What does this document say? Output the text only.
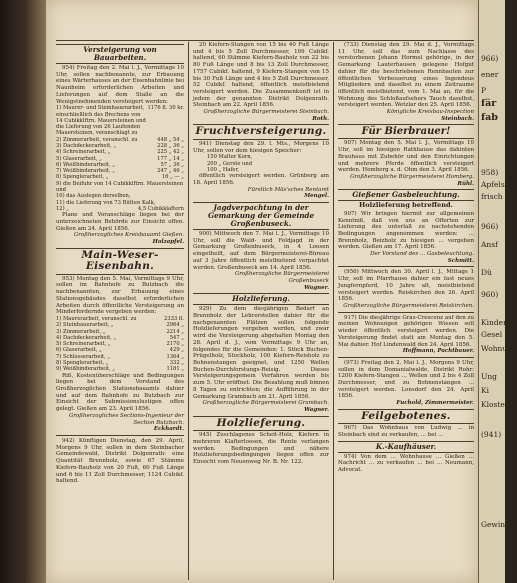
Versteigerung von Bauarbeiten.

954) Freitag den 2. Mai l. J., Vormittags 10 Uhr, sollen nachbenannte, zur Erbauung eines Wärterhauses an der Eisenbahnlinie bei Naunheim erforderlichen Arbeiten und Lieferungen auf dem Stalle an die Wenigstnehmenden versteigert werden:

1) Maurer- und Steinhauerarbeit, einschließlich des Brechens von 14 Cubikklftrn. Mauersteinen und die Lieferung von 26 Laufenden Mauersteinen, veranschlagt zu
1176 fl. 30 kr.
2) Zimmerarbeit, veranschl. zu	448 „ 54 „
3) Dachdeckerarbeit, „	228 „ 36 „
4) Schreinerarbeit, „	225 „ 42 „
5) Glaserarbeit, „	177 „ 14 „
6) Weißbinderarbeit, „	57 „ 36 „
7) Weißbinderarbeit, „	247 „ 46 „
8) Spenglerarbeit, „	16 „ — „
9) die Beifuhr von 14 Cubikklftrn. Mauersteinen und
10) das Auslegen derselben,
11) die Lieferung von 73 Bütten Kalk,
12) „	4,5 Cubikklaftern

Plane und Voranschläge liegen bei der unterzeichneten Behörde zur Einsicht offen. Gießen am 24. April 1856.

Großherzogliches Kreisbauamt Gießen.

Holzapfel.

Main-Weser-Eisenbahn.

953) Montag den 5. Mai, Vormittags 9 Uhr, sollen im Bahnhofe zu Butzbach die nachbenannten, zur Erbauung eines Stationsgebäudes daselbst erforderlichen Arbeiten durch öffentliche Versteigerung an Minderfordernde vergeben werden:

1) Maurerarbeit, veranschl. zu	2333 fl.
2) Steinhauerarbeit, „	2964 „
3) Zimmerarbeit, „	2214 „
4) Dachdeckerarbeit, „	547 „
5) Schreinerarbeit, „	2170 „
6) Glaserarbeit, „	429 „
7) Schlosserarbeit, „	1364 „
8) Spenglerarbeit, „	332 „
9) Weißbinderarbeit, „	1181 „

Riß, Kostenüberschläge und Bedingungen liegen bei dem Vorstand des Großherzoglichen Stationsbauamts dahier und auf dem Bahnhofe zu Butzbach zur Einsicht der Submissionslustigen offen gelegt. Gießen am 23. April 1856.

Großherzogliches Sections-Ingenieur der Section Butzbach.

Eckhardt.

942) Künftigen Dienstag, den 29. April, Morgens 9 Uhr, sollen in dem Steinbacher Gemeindewald, Distrikt Dolgenrath: eine Quantität Brennholz, sowie 67 Stämme Kiefern-Bauholz von 20 Fuß, 60 Fuß Länge und 6 bis 11 Zoll Durchmesser, 1124 Cubikf. haltend.

20 Kiefern-Stangen von 15 bis 40 Fuß Länge und 4 bis 5 Zoll Durchmesser, 109 Cubikf. haltend, 60 Stämme Kiefern-Bauholz von 22 bis 80 Fuß Länge und 8 bis 13 Zoll Durchmesser, 1757 Cubikf. haltend, 9 Kiefern-Stangen von 15 bis 30 Fuß Länge und 4 bis 5 Zoll Durchmesser, 52 Cubikf. haltend, öffentlich meistbietend versteigert werden. Die Zusammenkunft ist in jedem der genannten Distrikt Dolgenrath. Steinbach am 22. April 1856.

Großherzogliche Bürgermeisterei Steinbach.

Roth.

Fruchtversteigerung.

941) Dienstag den 29. l. Mts., Morgens 10 Uhr, sollen vor dem hiesigen Speicher:

150 Malter Korn,
200 „ Gerste und
100 „ Hafer,

öffentlich versteigert werden. Grünberg am 18. April 1856.

Fürstlich Mäs'sches Rentamt

Mengel.

Jagdverpachtung in der Gemarkung der Gemeinde Großenbuseck.

900) Mittwoch den 7. Mai l. J., Vormittags 10 Uhr, soll die Wald- und Feldjagd in der Gemarkung Großenbuseck, in 4 Loosen eingetheilt, auf dem Bürgermeisterei-Büreau auf 3 Jahre öffentlich meistbietend verpachtet werden. Großenbuseck am 14. April 1856.

Großherzogliche Bürgermeisterei Großenbuseck

Wagner.

Holzlieferung.

929) Zu dem diesjährigen Bedarf an Brennholz der Lehrerstellen dahier für die nachgenannten Plätzen sollen folgende Holzlieferungen vergeben werden, und zwar wird die Versteigerung abgehalten Montag den 28. April d. J., vom Vormittags 9 Uhr an, folgendes für die Gemeinden: 1. Stück Buchen-Prügelholz, Stockholz, 100 Kiefern-Reisholz zu Bohnenstangen geeignet, und 1250 Wellen Buchen-Durchforstungs-Reisig. Dieses Versteigerungsgemein Verfahren werden bis zum 5. Uhr eröffnet. Die Bezahlung muß binnen 8 Tagen zu entrichten; die Aufführung in der Gemarkung Grambach am 21. April 1856.

Großherzogliche Bürgermeisterei Grambach.

Wagner.

Holzlieferung.

945) Zuschlagenes Scheit-Holz, Kiefern in mehreren Klafterloosen, die Rente verlangen werden. Bedingungen und nähere Holzlieferungsbedingungen liegen offen zur Einsicht vom Neuenweg Nr. B. Nr. 122.

(733) Dienstag den 29. Mai d. J., Vormittags 11 Uhr, soll das zum Nachlasse des verstorbenen Johann Hormel gehörige, in der Gemarkung Lauterhausen gelegene Hofgut dahier für die beschriebenen Rennbauten zur öffentlichen Verbesserung eines Ingendeus Mitgliedern und daselbst zu einem Zeitraume öffentlich meistbietend, vom 1. Mai an, für die Wohnung des Schloßaufsehers Tauch daselbst, versteigert werden. Wetzlar den 25. April 1856.

Königliche Kreisbau-Inspection

Steinbach.

Für Bierbrauer!

907) Montag den 5. Mai l. J., Vormittags 10 Uhr, soll im hiesigen Rathhause das dahinten Brauhaus mit Zubehör und den Einrichtungen und mehrere Pferde öffentlich versteigert werden. Homberg a. d. Ohm den 3. April 1856.

Großherzogliche Bürgermeisterei Homberg.

Rühl.

Gießener Gasbeleuchtung.

Holzlieferung betreffend.

907) Wir bringen hiermit zur allgemeinen Kenntniß, daß von uns an Offerten zur Lieferung des unterlaß zu nachstehenden Bedingungen angenommen werden: ... Brennholz, Beizholz zu hiesigen ... vergeben werden. Gießen am 17. April 1856.

Der Vorstand des ... Gasbeleuchtung.

Schmitt.

(956) Mittwoch den 30. April l. J., Mittags 1 Uhr, soll im Pfarrhause dahier ein fast neues Jungfernpferd, 10 Jahre alt, meistbietend versteigert werden. Reiskirchen den 26. April 1856.

Großherzogliche Bürgermeisterei Reiskirchen.

917) Die diesjährige Gras-Crescenz auf den zu meinen Wohnungen gehörigen Wiesen soll wieder öffentlich versteigert werden. Die Versteigerung findet statt am Montag den 5. Mai dahier. Hof Lindenwald den 24. April 1856.

Hoffmann, Pachtbauer.

(973) Freitag den 2. Mai l. J., Morgens 9 Uhr, sollen in dem Domanialwalde, Distrikt Rohr: 1200 Kiefern-Stangen ... Wellen und 2 bis 4 Zoll Durchmesser, und zu Bohnenstangen ... versteigert werden. Lonsdorf den 24. April 1856.

Fuchold, Zimmermeister.

Feilgebotenes.

967) Das Wohnhaus von Ludwig ... in Steinbach sind zu verkaufen, ... bei ...

K.-Kaufhäuser.

974) Von dem ... Wohnhause ... Gießen ... Nachricht ... zu verkaufen ... bei ... Neumann, Advocat.

966)
ener
P
fär
fab
958)
Apfelsi
frisch
966)
Ansf
Dü
960)
Kinder
Gesel
Wohnung
Ung
Ki
Kloster
(941)
Gewinn
